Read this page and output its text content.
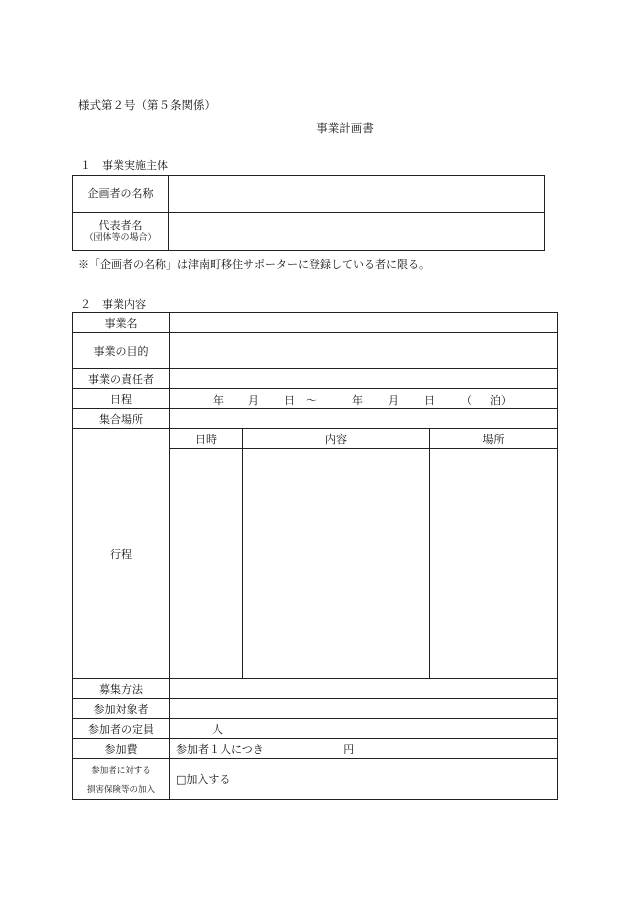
様式第２号（第５条関係）
事業計画書
１　事業実施主体
企画者の名称	

代表者名
（団体等の場合）	

※「企画者の名称」は津南町移住サポーターに登録している者に限る。
２　事業内容
事業名	
事業の目的	
事業の責任者	
日程	年 月 日 ～	年 月 日 （ 泊）

集合場所	
行程	
日時	内容	場所

募集方法	
参加対象者	
参加者の定員	人
参加費	参加者１人につき	円

参加者に対する
損害保険等の加入
	□加入する
